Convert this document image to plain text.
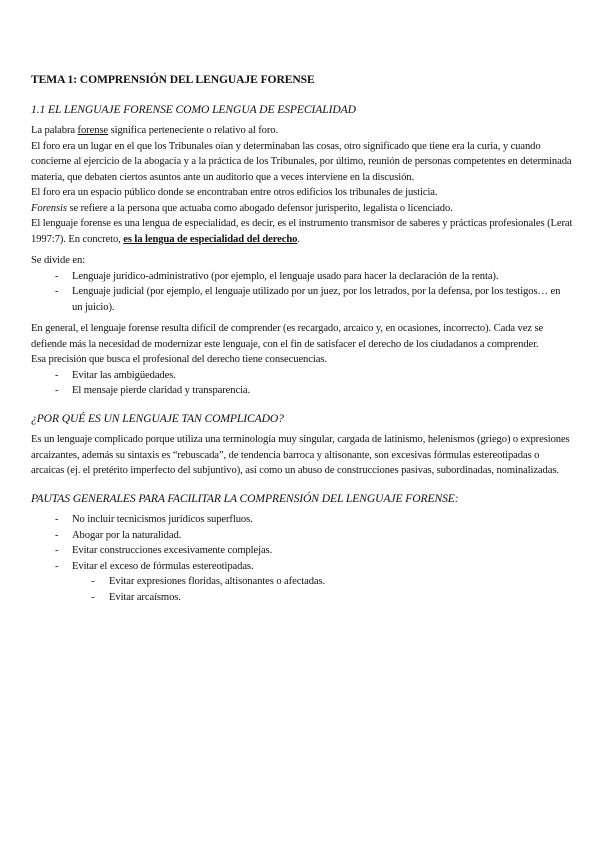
TEMA 1: COMPRENSIÓN DEL LENGUAJE FORENSE
1.1 EL LENGUAJE FORENSE COMO LENGUA DE ESPECIALIDAD

La palabra forense significa perteneciente o relativo al foro.

El foro era un lugar en el que los Tribunales oían y determinaban las cosas, otro significado que tiene era la curia, y cuando concierne al ejercicio de la abogacía y a la práctica de los Tribunales, por último, reunión de personas competentes en determinada materia, que debaten ciertos asuntos ante un auditorio que a veces interviene en la discusión.

El foro era un espacio público donde se encontraban entre otros edificios los tribunales de justicia.

Forensis se refiere a la persona que actuaba como abogado defensor jurisperito, legalista o licenciado.

El lenguaje forense es una lengua de especialidad, es decir, es el instrumento transmisor de saberes y prácticas profesionales (Lerat 1997:7). En concreto, es la lengua de especialidad del derecho.

Se divide en:

- Lenguaje jurídico-administrativo (por ejemplo, el lenguaje usado para hacer la declaración de la renta).
- Lenguaje judicial (por ejemplo, el lenguaje utilizado por un juez, por los letrados, por la defensa, por los testigos… en un juicio).

En general, el lenguaje forense resulta difícil de comprender (es recargado, arcaico y, en ocasiones, incorrecto). Cada vez se defiende más la necesidad de modernizar este lenguaje, con el fin de satisfacer el derecho de los ciudadanos a comprender.

Esa precisión que busca el profesional del derecho tiene consecuencias.

- Evitar las ambigüedades.
- El mensaje pierde claridad y transparencia.
¿POR QUÉ ES UN LENGUAJE TAN COMPLICADO?

Es un lenguaje complicado porque utiliza una terminología muy singular, cargada de latinismo, helenismos (griego) o expresiones arcaizantes, además su sintaxis es “rebuscada”, de tendencia barroca y altisonante, son excesivas fórmulas estereotipadas o arcaicas (ej. el pretérito imperfecto del subjuntivo), así como un abuso de construcciones pasivas, subordinadas, nominalizadas.

PAUTAS GENERALES PARA FACILITAR LA COMPRENSIÓN DEL LENGUAJE FORENSE:
- No incluir tecnicismos jurídicos superfluos.
- Abogar por la naturalidad.
- Evitar construcciones excesivamente complejas.
- Evitar el exceso de fórmulas estereotipadas.
- Evitar expresiones floridas, altisonantes o afectadas.
- Evitar arcaísmos.
